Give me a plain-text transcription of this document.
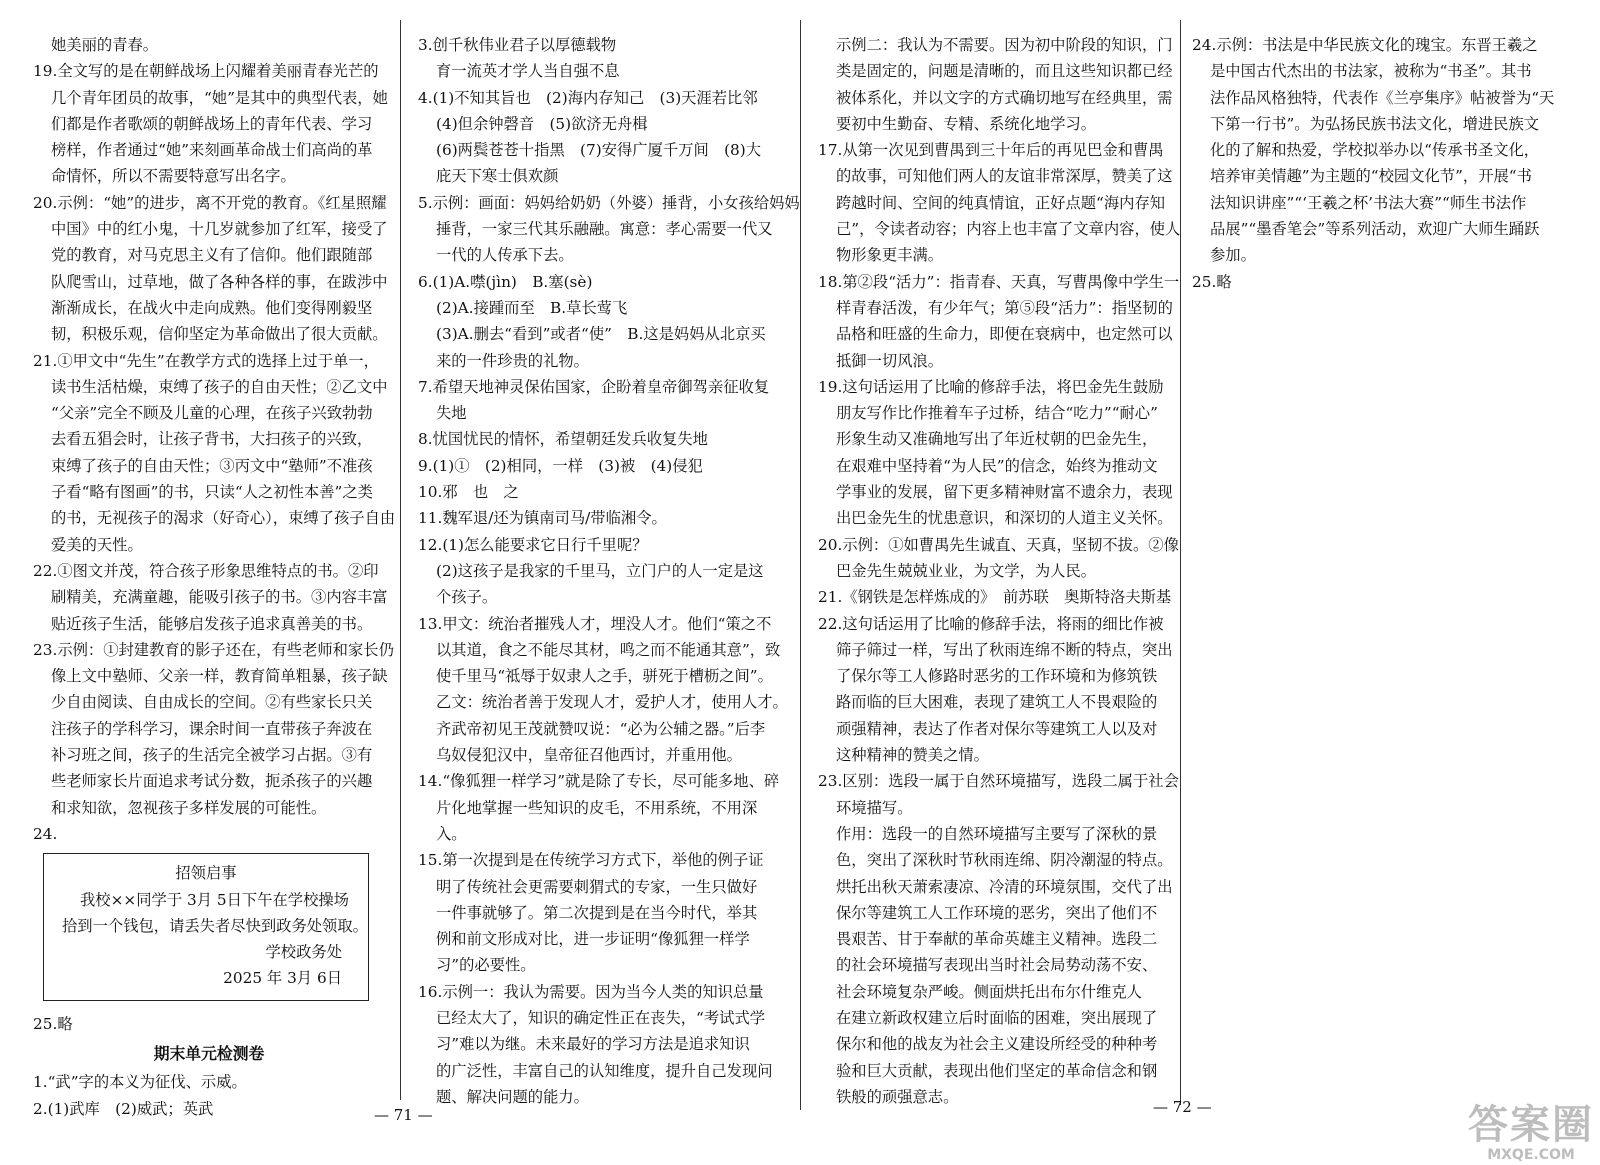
她美丽的青春。

19.全文写的是在朝鲜战场上闪耀着美丽青春光芒的

几个青年团员的故事，“她”是其中的典型代表，她

们都是作者歌颂的朝鲜战场上的青年代表、学习

榜样，作者通过“她”来刻画革命战士们高尚的革

命情怀，所以不需要特意写出名字。

20.示例：“她”的进步，离不开党的教育。《红星照耀

中国》中的红小鬼，十几岁就参加了红军，接受了

党的教育，对马克思主义有了信仰。他们跟随部

队爬雪山，过草地，做了各种各样的事，在跋涉中

渐渐成长，在战火中走向成熟。他们变得刚毅坚

韧，积极乐观，信仰坚定为革命做出了很大贡献。

21.①甲文中“先生”在教学方式的选择上过于单一，

读书生活枯燥，束缚了孩子的自由天性；②乙文中

“父亲”完全不顾及儿童的心理，在孩子兴致勃勃

去看五猖会时，让孩子背书，大扫孩子的兴致，

束缚了孩子的自由天性；③丙文中“塾师”不准孩

子看“略有图画”的书，只读“人之初性本善”之类

的书，无视孩子的渴求（好奇心），束缚了孩子自由

爱美的天性。

22.①图文并茂，符合孩子形象思维特点的书。②印

刷精美，充满童趣，能吸引孩子的书。③内容丰富

贴近孩子生活，能够启发孩子追求真善美的书。

23.示例：①封建教育的影子还在，有些老师和家长仍

像上文中塾师、父亲一样，教育简单粗暴，孩子缺

少自由阅读、自由成长的空间。②有些家长只关

注孩子的学科学习，课余时间一直带孩子奔波在

补习班之间，孩子的生活完全被学习占据。③有

些老师家长片面追求考试分数，扼杀孩子的兴趣

和求知欲，忽视孩子多样发展的可能性。

24.

招领启事

我校××同学于 3月 5日下午在学校操场

拾到一个钱包，请丢失者尽快到政务处领取。

学校政务处

2025 年 3月 6日

25.略

期末单元检测卷

1.“武”字的本义为征伐、示威。

2.(1)武库　(2)威武；英武

3.创千秋伟业君子以厚德载物

育一流英才学人当自强不息

4.(1)不知其旨也　(2)海内存知己　(3)天涯若比邻

(4)但余钟磬音　(5)欲济无舟楫

(6)两鬓苍苍十指黑　(7)安得广厦千万间　(8)大

庇天下寒士俱欢颜

5.示例：画面：妈妈给奶奶（外婆）捶背，小女孩给妈妈

捶背，一家三代其乐融融。寓意：孝心需要一代又

一代的人传承下去。

6.(1)A.噤(jìn)　B.塞(sè)

(2)A.接踵而至　B.草长莺飞

(3)A.删去“看到”或者“使”　B.这是妈妈从北京买

来的一件珍贵的礼物。

7.希望天地神灵保佑国家，企盼着皇帝御驾亲征收复

失地

8.忧国忧民的情怀，希望朝廷发兵收复失地

9.(1)①　(2)相同，一样　(3)被　(4)侵犯

10.邪　也　之

11.魏军退/还为镇南司马/带临湘令。

12.(1)怎么能要求它日行千里呢？

(2)这孩子是我家的千里马，立门户的人一定是这

个孩子。

13.甲文：统治者摧残人才，埋没人才。他们“策之不

以其道，食之不能尽其材，鸣之而不能通其意”，致

使千里马“祗辱于奴隶人之手，骈死于槽枥之间”。

乙文：统治者善于发现人才，爱护人才，使用人才。

齐武帝初见王茂就赞叹说：“必为公辅之器。”后李

乌奴侵犯汉中，皇帝征召他西讨，并重用他。

14.“像狐狸一样学习”就是除了专长，尽可能多地、碎

片化地掌握一些知识的皮毛，不用系统，不用深

入。

15.第一次提到是在传统学习方式下，举他的例子证

明了传统社会更需要刺猬式的专家，一生只做好

一件事就够了。第二次提到是在当今时代，举其

例和前文形成对比，进一步证明“像狐狸一样学

习”的必要性。

16.示例一：我认为需要。因为当今人类的知识总量

已经太大了，知识的确定性正在丧失，“考试式学

习”难以为继。未来最好的学习方法是追求知识

的广泛性，丰富自己的认知维度，提升自己发现问

题、解决问题的能力。

示例二：我认为不需要。因为初中阶段的知识，门

类是固定的，问题是清晰的，而且这些知识都已经

被体系化，并以文字的方式确切地写在经典里，需

要初中生勤奋、专精、系统化地学习。

17.从第一次见到曹禺到三十年后的再见巴金和曹禺

的故事，可知他们两人的友谊非常深厚，赞美了这

跨越时间、空间的纯真情谊，正好点题“海内存知

己”，令读者动容；内容上也丰富了文章内容，使人

物形象更丰满。

18.第②段“活力”：指青春、天真，写曹禺像中学生一

样青春活泼，有少年气；第⑤段“活力”：指坚韧的

品格和旺盛的生命力，即便在衰病中，也定然可以

抵御一切风浪。

19.这句话运用了比喻的修辞手法，将巴金先生鼓励

朋友写作比作推着车子过桥，结合“吃力”“耐心”

形象生动又准确地写出了年近杖朝的巴金先生，

在艰难中坚持着“为人民”的信念，始终为推动文

学事业的发展，留下更多精神财富不遗余力，表现

出巴金先生的忧患意识，和深切的人道主义关怀。

20.示例：①如曹禺先生诚直、天真，坚韧不拔。②像

巴金先生兢兢业业，为文学，为人民。

21.《钢铁是怎样炼成的》　前苏联　奥斯特洛夫斯基

22.这句话运用了比喻的修辞手法，将雨的细比作被

筛子筛过一样，写出了秋雨连绵不断的特点，突出

了保尔等工人修路时恶劣的工作环境和为修筑铁

路而临的巨大困难，表现了建筑工人不畏艰险的

顽强精神，表达了作者对保尔等建筑工人以及对

这种精神的赞美之情。

23.区别：选段一属于自然环境描写，选段二属于社会

环境描写。

作用：选段一的自然环境描写主要写了深秋的景

色，突出了深秋时节秋雨连绵、阴冷潮湿的特点。

烘托出秋天萧索凄凉、冷清的环境氛围，交代了出

保尔等建筑工人工作环境的恶劣，突出了他们不

畏艰苦、甘于奉献的革命英雄主义精神。选段二

的社会环境描写表现出当时社会局势动荡不安、

社会环境复杂严峻。侧面烘托出布尔什维克人

在建立新政权建立后时面临的困难，突出展现了

保尔和他的战友为社会主义建设所经受的种种考

验和巨大贡献，表现出他们坚定的革命信念和钢

铁般的顽强意志。

24.示例：书法是中华民族文化的瑰宝。东晋王羲之

是中国古代杰出的书法家，被称为“书圣”。其书

法作品风格独特，代表作《兰亭集序》帖被誉为“天

下第一行书”。为弘扬民族书法文化，增进民族文

化的了解和热爱，学校拟举办以“传承书圣文化，

培养审美情趣”为主题的“校园文化节”，开展“书

法知识讲座”“‘王羲之杯’书法大赛”“师生书法作

品展”“墨香笔会”等系列活动，欢迎广大师生踊跃

参加。

25.略

— 71 —	— 72 —	答案圈
MXQE.COM
